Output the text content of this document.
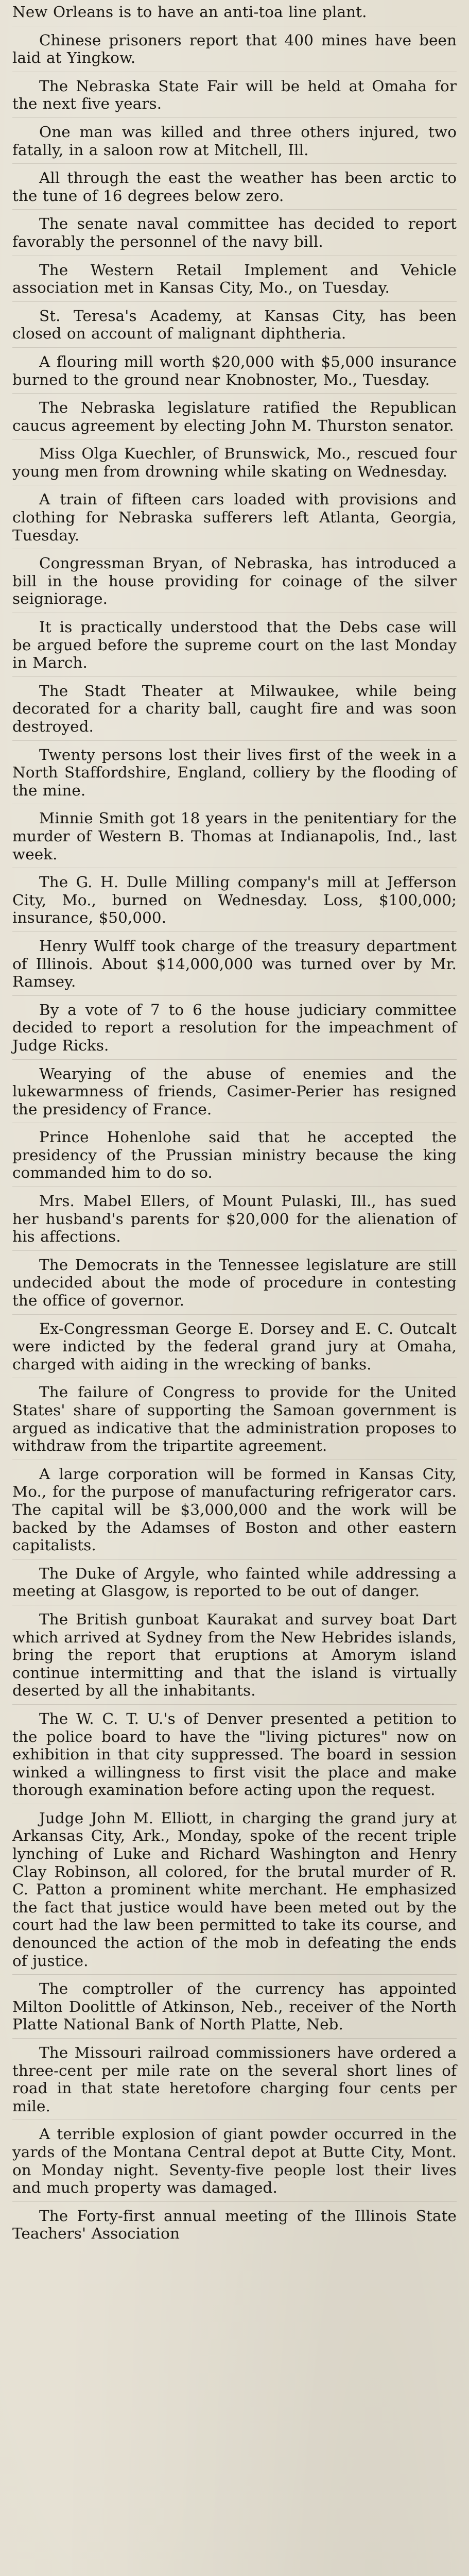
New Orleans is to have an anti-toa line plant.

Chinese prisoners report that 400 mines have been laid at Yingkow.

The Nebraska State Fair will be held at Omaha for the next five years.

One man was killed and three others injured, two fatally, in a saloon row at Mitchell, Ill.

All through the east the weather has been arctic to the tune of 16 degrees below zero.

The senate naval committee has decided to report favorably the personnel of the navy bill.

The Western Retail Implement and Vehicle association met in Kansas City, Mo., on Tuesday.

St. Teresa's Academy, at Kansas City, has been closed on account of malignant diphtheria.

A flouring mill worth $20,000 with $5,000 insurance burned to the ground near Knobnoster, Mo., Tuesday.

The Nebraska legislature ratified the Republican caucus agreement by electing John M. Thurston senator.

Miss Olga Kuechler, of Brunswick, Mo., rescued four young men from drowning while skating on Wednesday.

A train of fifteen cars loaded with provisions and clothing for Nebraska sufferers left Atlanta, Georgia, Tuesday.

Congressman Bryan, of Nebraska, has introduced a bill in the house providing for coinage of the silver seigniorage.

It is practically understood that the Debs case will be argued before the supreme court on the last Monday in March.

The Stadt Theater at Milwaukee, while being decorated for a charity ball, caught fire and was soon destroyed.

Twenty persons lost their lives first of the week in a North Staffordshire, England, colliery by the flooding of the mine.

Minnie Smith got 18 years in the penitentiary for the murder of Western B. Thomas at Indianapolis, Ind., last week.

The G. H. Dulle Milling company's mill at Jefferson City, Mo., burned on Wednesday. Loss, $100,000; insurance, $50,000.

Henry Wulff took charge of the treasury department of Illinois. About $14,000,000 was turned over by Mr. Ramsey.

By a vote of 7 to 6 the house judiciary committee decided to report a resolution for the impeachment of Judge Ricks.

Wearying of the abuse of enemies and the lukewarmness of friends, Casimer-Perier has resigned the presidency of France.

Prince Hohenlohe said that he accepted the presidency of the Prussian ministry because the king commanded him to do so.

Mrs. Mabel Ellers, of Mount Pulaski, Ill., has sued her husband's parents for $20,000 for the alienation of his affections.

The Democrats in the Tennessee legislature are still undecided about the mode of procedure in contesting the office of governor.

Ex-Congressman George E. Dorsey and E. C. Outcalt were indicted by the federal grand jury at Omaha, charged with aiding in the wrecking of banks.

The failure of Congress to provide for the United States' share of supporting the Samoan government is argued as indicative that the administration proposes to withdraw from the tripartite agreement.

A large corporation will be formed in Kansas City, Mo., for the purpose of manufacturing refrigerator cars. The capital will be $3,000,000 and the work will be backed by the Adamses of Boston and other eastern capitalists.

The Duke of Argyle, who fainted while addressing a meeting at Glasgow, is reported to be out of danger.

The British gunboat Kaurakat and survey boat Dart which arrived at Sydney from the New Hebrides islands, bring the report that eruptions at Amorym island continue intermitting and that the island is virtually deserted by all the inhabitants.

The W. C. T. U.'s of Denver presented a petition to the police board to have the "living pictures" now on exhibition in that city suppressed. The board in session winked a willingness to first visit the place and make thorough examination before acting upon the request.

Judge John M. Elliott, in charging the grand jury at Arkansas City, Ark., Monday, spoke of the recent triple lynching of Luke and Richard Washington and Henry Clay Robinson, all colored, for the brutal murder of R. C. Patton a prominent white merchant. He emphasized the fact that justice would have been meted out by the court had the law been permitted to take its course, and denounced the action of the mob in defeating the ends of justice.

The comptroller of the currency has appointed Milton Doolittle of Atkinson, Neb., receiver of the North Platte National Bank of North Platte, Neb.

The Missouri railroad commissioners have ordered a three-cent per mile rate on the several short lines of road in that state heretofore charging four cents per mile.

A terrible explosion of giant powder occurred in the yards of the Montana Central depot at Butte City, Mont. on Monday night. Seventy-five people lost their lives and much property was damaged.

The Forty-first annual meeting of the Illinois State Teachers' Association
